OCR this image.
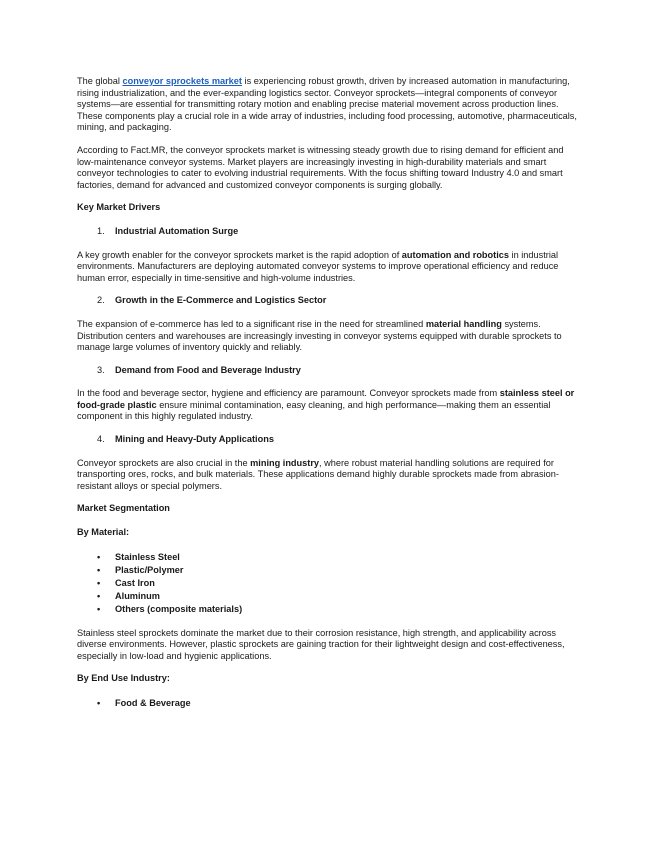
The global conveyor sprockets market is experiencing robust growth, driven by increased automation in manufacturing, rising industrialization, and the ever-expanding logistics sector. Conveyor sprockets—integral components of conveyor systems—are essential for transmitting rotary motion and enabling precise material movement across production lines. These components play a crucial role in a wide array of industries, including food processing, automotive, pharmaceuticals, mining, and packaging.

According to Fact.MR, the conveyor sprockets market is witnessing steady growth due to rising demand for efficient and low-maintenance conveyor systems. Market players are increasingly investing in high-durability materials and smart conveyor technologies to cater to evolving industrial requirements. With the focus shifting toward Industry 4.0 and smart factories, demand for advanced and customized conveyor components is surging globally.

Key Market Drivers
1. Industrial Automation Surge

A key growth enabler for the conveyor sprockets market is the rapid adoption of automation and robotics in industrial environments. Manufacturers are deploying automated conveyor systems to improve operational efficiency and reduce human error, especially in time-sensitive and high-volume industries.

2. Growth in the E-Commerce and Logistics Sector

The expansion of e-commerce has led to a significant rise in the need for streamlined material handling systems. Distribution centers and warehouses are increasingly investing in conveyor systems equipped with durable sprockets to manage large volumes of inventory quickly and reliably.

3. Demand from Food and Beverage Industry

In the food and beverage sector, hygiene and efficiency are paramount. Conveyor sprockets made from stainless steel or food-grade plastic ensure minimal contamination, easy cleaning, and high performance—making them an essential component in this highly regulated industry.

4. Mining and Heavy-Duty Applications

Conveyor sprockets are also crucial in the mining industry, where robust material handling solutions are required for transporting ores, rocks, and bulk materials. These applications demand highly durable sprockets made from abrasion-resistant alloys or special polymers.

Market Segmentation
By Material:
• Stainless Steel
• Plastic/Polymer
• Cast Iron
• Aluminum
• Others (composite materials)

Stainless steel sprockets dominate the market due to their corrosion resistance, high strength, and applicability across diverse environments. However, plastic sprockets are gaining traction for their lightweight design and cost-effectiveness, especially in low-load and hygienic applications.

By End Use Industry:
• Food & Beverage
